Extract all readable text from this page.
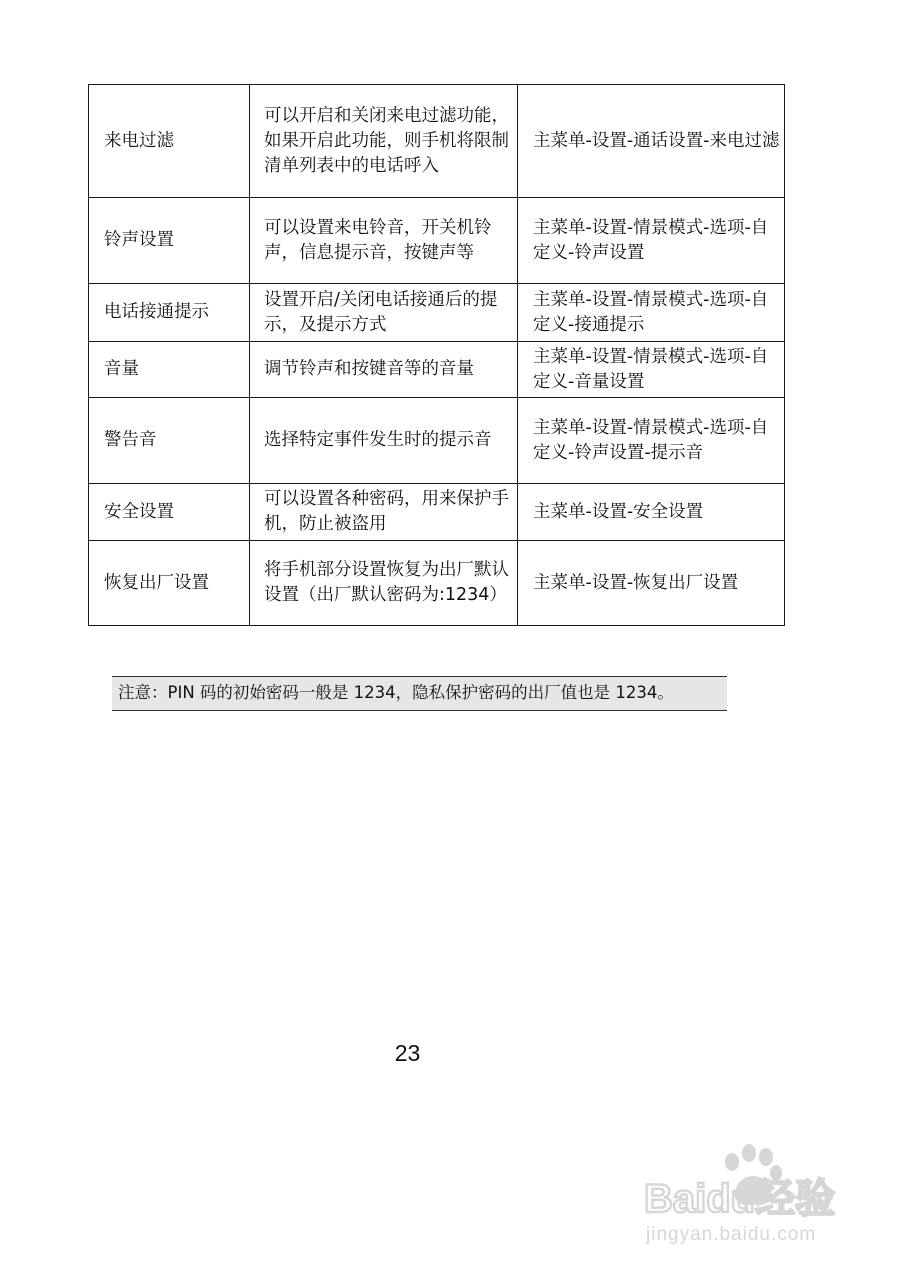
来电过滤	可以开启和关闭来电过滤功能，如果开启此功能，则手机将限制清单列表中的电话呼入	主菜单-设置-通话设置-来电过滤
铃声设置	可以设置来电铃音，开关机铃声，信息提示音，按键声等	主菜单-设置-情景模式-选项-自定义-铃声设置
电话接通提示	设置开启/关闭电话接通后的提示，及提示方式	主菜单-设置-情景模式-选项-自定义-接通提示
音量	调节铃声和按键音等的音量	主菜单-设置-情景模式-选项-自定义-音量设置
警告音	选择特定事件发生时的提示音	主菜单-设置-情景模式-选项-自定义-铃声设置-提示音
安全设置	可以设置各种密码，用来保护手机，防止被盗用	主菜单-设置-安全设置
恢复出厂设置	将手机部分设置恢复为出厂默认设置（出厂默认密码为:1234）	主菜单-设置-恢复出厂设置
注意：PIN 码的初始密码一般是 1234，隐私保护密码的出厂值也是 1234。
23
Baidu经验
jingyan.baidu.com
